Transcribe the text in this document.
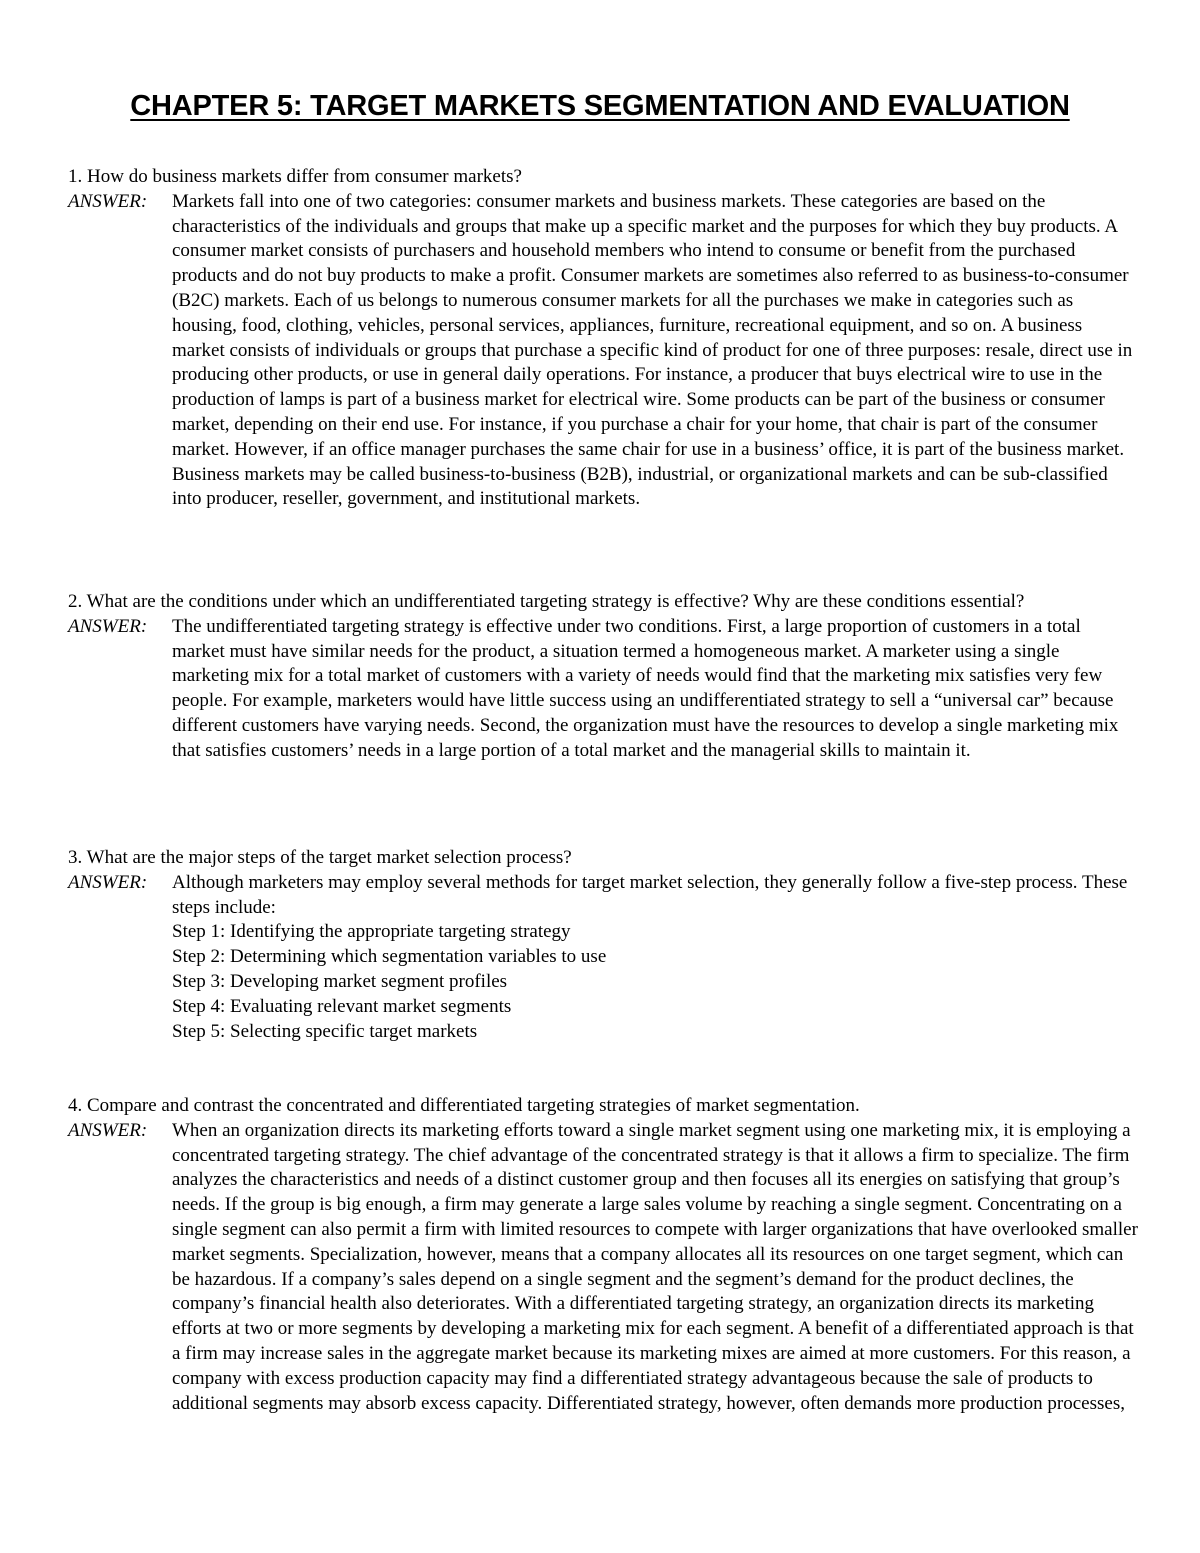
CHAPTER 5: TARGET MARKETS SEGMENTATION AND EVALUATION

1. How do business markets differ from consumer markets?

ANSWER: Markets fall into one of two categories: consumer markets and business markets. These categories are based on the characteristics of the individuals and groups that make up a specific market and the purposes for which they buy products. A consumer market consists of purchasers and household members who intend to consume or benefit from the purchased products and do not buy products to make a profit. Consumer markets are sometimes also referred to as business-to-consumer (B2C) markets. Each of us belongs to numerous consumer markets for all the purchases we make in categories such as housing, food, clothing, vehicles, personal services, appliances, furniture, recreational equipment, and so on. A business market consists of individuals or groups that purchase a specific kind of product for one of three purposes: resale, direct use in producing other products, or use in general daily operations. For instance, a producer that buys electrical wire to use in the production of lamps is part of a business market for electrical wire. Some products can be part of the business or consumer market, depending on their end use. For instance, if you purchase a chair for your home, that chair is part of the consumer market. However, if an office manager purchases the same chair for use in a business’ office, it is part of the business market. Business markets may be called business-to-business (B2B), industrial, or organizational markets and can be sub-classified into producer, reseller, government, and institutional markets.

2. What are the conditions under which an undifferentiated targeting strategy is effective? Why are these conditions essential?

ANSWER: The undifferentiated targeting strategy is effective under two conditions. First, a large proportion of customers in a total market must have similar needs for the product, a situation termed a homogeneous market. A marketer using a single marketing mix for a total market of customers with a variety of needs would find that the marketing mix satisfies very few people. For example, marketers would have little success using an undifferentiated strategy to sell a “universal car” because different customers have varying needs. Second, the organization must have the resources to develop a single marketing mix that satisfies customers’ needs in a large portion of a total market and the managerial skills to maintain it.

3. What are the major steps of the target market selection process?

ANSWER: Although marketers may employ several methods for target market selection, they generally follow a five-step process. These steps include:

Step 1: Identifying the appropriate targeting strategy

Step 2: Determining which segmentation variables to use

Step 3: Developing market segment profiles

Step 4: Evaluating relevant market segments

Step 5: Selecting specific target markets

4. Compare and contrast the concentrated and differentiated targeting strategies of market segmentation.

ANSWER: When an organization directs its marketing efforts toward a single market segment using one marketing mix, it is employing a concentrated targeting strategy. The chief advantage of the concentrated strategy is that it allows a firm to specialize. The firm analyzes the characteristics and needs of a distinct customer group and then focuses all its energies on satisfying that group’s needs. If the group is big enough, a firm may generate a large sales volume by reaching a single segment. Concentrating on a single segment can also permit a firm with limited resources to compete with larger organizations that have overlooked smaller market segments. Specialization, however, means that a company allocates all its resources on one target segment, which can be hazardous. If a company’s sales depend on a single segment and the segment’s demand for the product declines, the company’s financial health also deteriorates. With a differentiated targeting strategy, an organization directs its marketing efforts at two or more segments by developing a marketing mix for each segment. A benefit of a differentiated approach is that a firm may increase sales in the aggregate market because its marketing mixes are aimed at more customers. For this reason, a company with excess production capacity may find a differentiated strategy advantageous because the sale of products to additional segments may absorb excess capacity. Differentiated strategy, however, often demands more production processes,
